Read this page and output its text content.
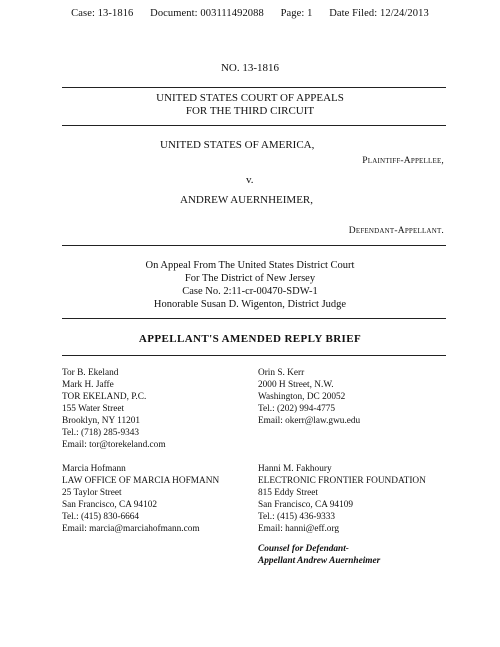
Case: 13-1816 Document: 003111492088 Page: 1 Date Filed: 12/24/2013
NO. 13-1816
UNITED STATES COURT OF APPEALS
FOR THE THIRD CIRCUIT
UNITED STATES OF AMERICA,
Plaintiff-Appellee,
v.
ANDREW AUERNHEIMER,
Defendant-Appellant.
On Appeal From The United States District Court
For The District of New Jersey
Case No. 2:11-cr-00470-SDW-1
Honorable Susan D. Wigenton, District Judge
APPELLANT'S AMENDED REPLY BRIEF
Tor B. Ekeland
Mark H. Jaffe
TOR EKELAND, P.C.
155 Water Street
Brooklyn, NY 11201
Tel.: (718) 285-9343
Email: tor@torekeland.com
Orin S. Kerr
2000 H Street, N.W.
Washington, DC 20052
Tel.: (202) 994-4775
Email: okerr@law.gwu.edu
Marcia Hofmann
LAW OFFICE OF MARCIA HOFMANN
25 Taylor Street
San Francisco, CA 94102
Tel.: (415) 830-6664
Email: marcia@marciahofmann.com
Hanni M. Fakhoury
ELECTRONIC FRONTIER FOUNDATION
815 Eddy Street
San Francisco, CA 94109
Tel.: (415) 436-9333
Email: hanni@eff.org
Counsel for Defendant-
Appellant Andrew Auernheimer
